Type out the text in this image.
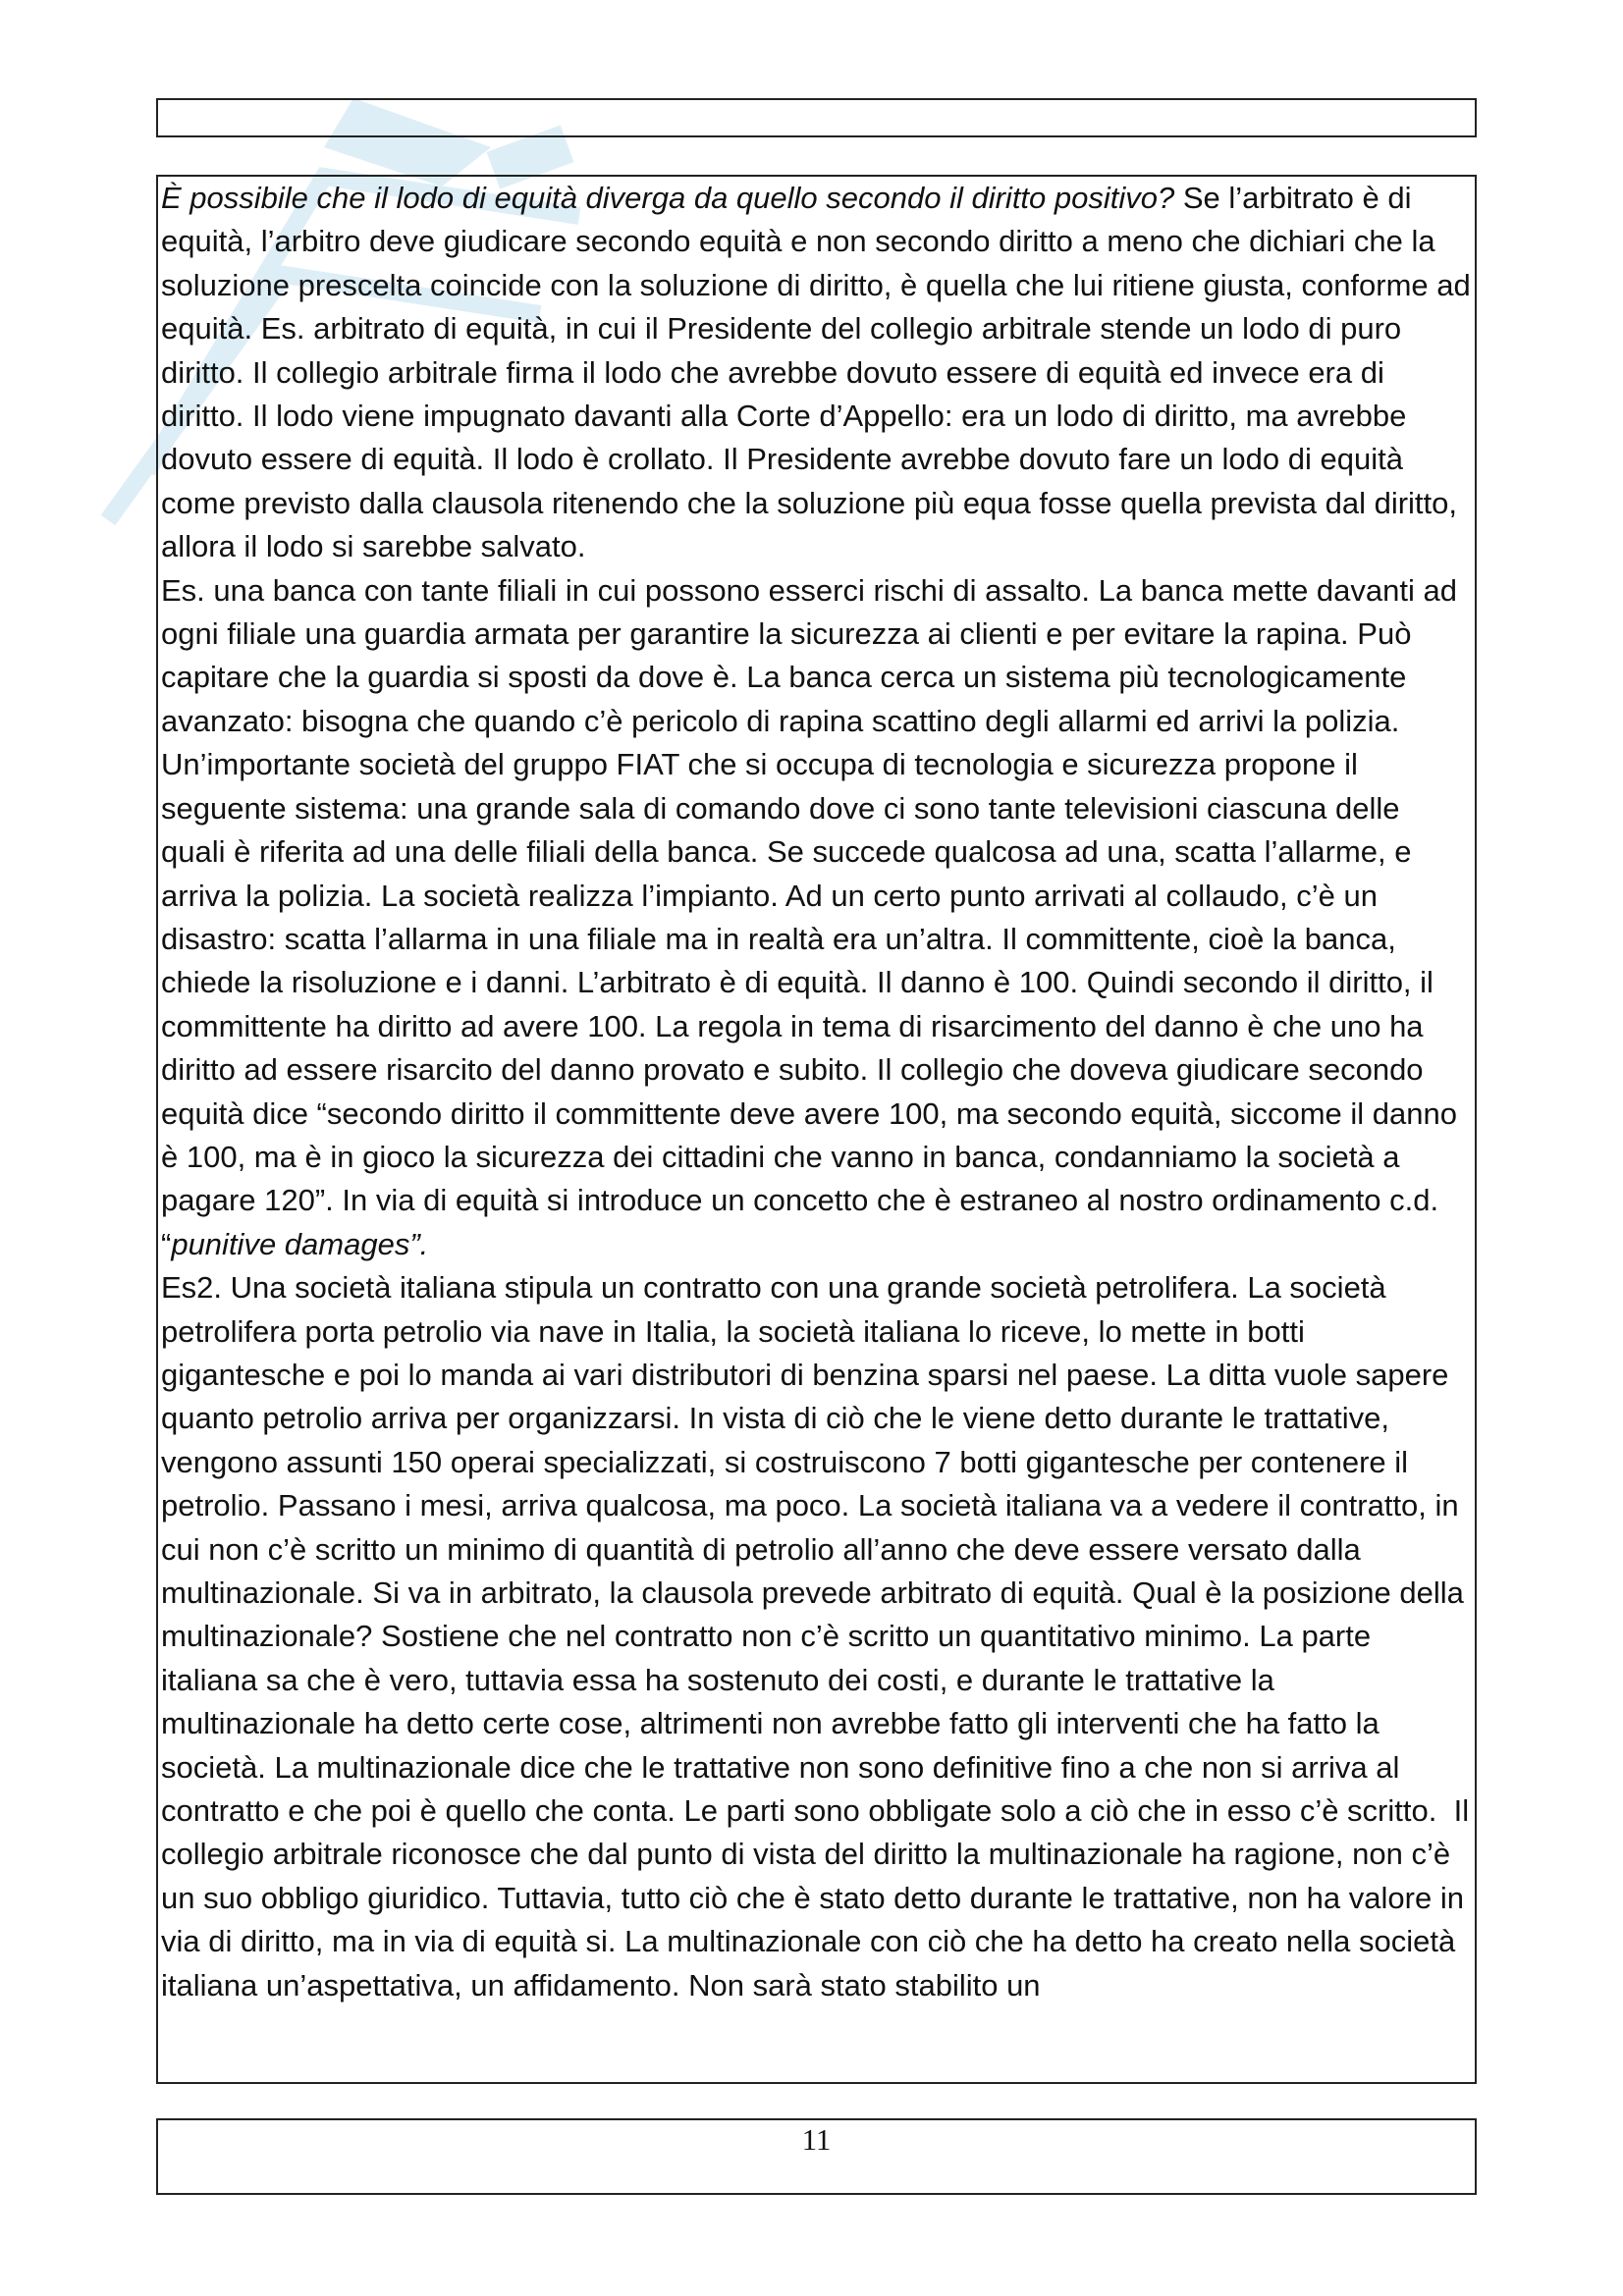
È possibile che il lodo di equità diverga da quello secondo il diritto positivo? Se l’arbitrato è di equità, l’arbitro deve giudicare secondo equità e non secondo diritto a meno che dichiari che la soluzione prescelta coincide con la soluzione di diritto, è quella che lui ritiene giusta, conforme ad equità. Es. arbitrato di equità, in cui il Presidente del collegio arbitrale stende un lodo di puro diritto. Il collegio arbitrale firma il lodo che avrebbe dovuto essere di equità ed invece era di diritto. Il lodo viene impugnato davanti alla Corte d’Appello: era un lodo di diritto, ma avrebbe dovuto essere di equità. Il lodo è crollato. Il Presidente avrebbe dovuto fare un lodo di equità come previsto dalla clausola ritenendo che la soluzione più equa fosse quella prevista dal diritto, allora il lodo si sarebbe salvato.

Es. una banca con tante filiali in cui possono esserci rischi di assalto. La banca mette davanti ad ogni filiale una guardia armata per garantire la sicurezza ai clienti e per evitare la rapina. Può capitare che la guardia si sposti da dove è. La banca cerca un sistema più tecnologicamente avanzato: bisogna che quando c’è pericolo di rapina scattino degli allarmi ed arrivi la polizia. Un’importante società del gruppo FIAT che si occupa di tecnologia e sicurezza propone il seguente sistema: una grande sala di comando dove ci sono tante televisioni ciascuna delle quali è riferita ad una delle filiali della banca. Se succede qualcosa ad una, scatta l’allarme, e arriva la polizia. La società realizza l’impianto. Ad un certo punto arrivati al collaudo, c’è un disastro: scatta l’allarma in una filiale ma in realtà era un’altra. Il committente, cioè la banca, chiede la risoluzione e i danni. L’arbitrato è di equità. Il danno è 100. Quindi secondo il diritto, il committente ha diritto ad avere 100. La regola in tema di risarcimento del danno è che uno ha diritto ad essere risarcito del danno provato e subito. Il collegio che doveva giudicare secondo equità dice “secondo diritto il committente deve avere 100, ma secondo equità, siccome il danno è 100, ma è in gioco la sicurezza dei cittadini che vanno in banca, condanniamo la società a pagare 120”. In via di equità si introduce un concetto che è estraneo al nostro ordinamento c.d. “punitive damages”.

Es2. Una società italiana stipula un contratto con una grande società petrolifera. La società petrolifera porta petrolio via nave in Italia, la società italiana lo riceve, lo mette in botti gigantesche e poi lo manda ai vari distributori di benzina sparsi nel paese. La ditta vuole sapere quanto petrolio arriva per organizzarsi. In vista di ciò che le viene detto durante le trattative, vengono assunti 150 operai specializzati, si costruiscono 7 botti gigantesche per contenere il petrolio. Passano i mesi, arriva qualcosa, ma poco. La società italiana va a vedere il contratto, in cui non c’è scritto un minimo di quantità di petrolio all’anno che deve essere versato dalla multinazionale. Si va in arbitrato, la clausola prevede arbitrato di equità. Qual è la posizione della multinazionale? Sostiene che nel contratto non c’è scritto un quantitativo minimo. La parte italiana sa che è vero, tuttavia essa ha sostenuto dei costi, e durante le trattative la multinazionale ha detto certe cose, altrimenti non avrebbe fatto gli interventi che ha fatto la società. La multinazionale dice che le trattative non sono definitive fino a che non si arriva al contratto e che poi è quello che conta. Le parti sono obbligate solo a ciò che in esso c’è scritto.  Il collegio arbitrale riconosce che dal punto di vista del diritto la multinazionale ha ragione, non c’è un suo obbligo giuridico. Tuttavia, tutto ciò che è stato detto durante le trattative, non ha valore in via di diritto, ma in via di equità si. La multinazionale con ciò che ha detto ha creato nella società italiana un’aspettativa, un affidamento. Non sarà stato stabilito un

11
